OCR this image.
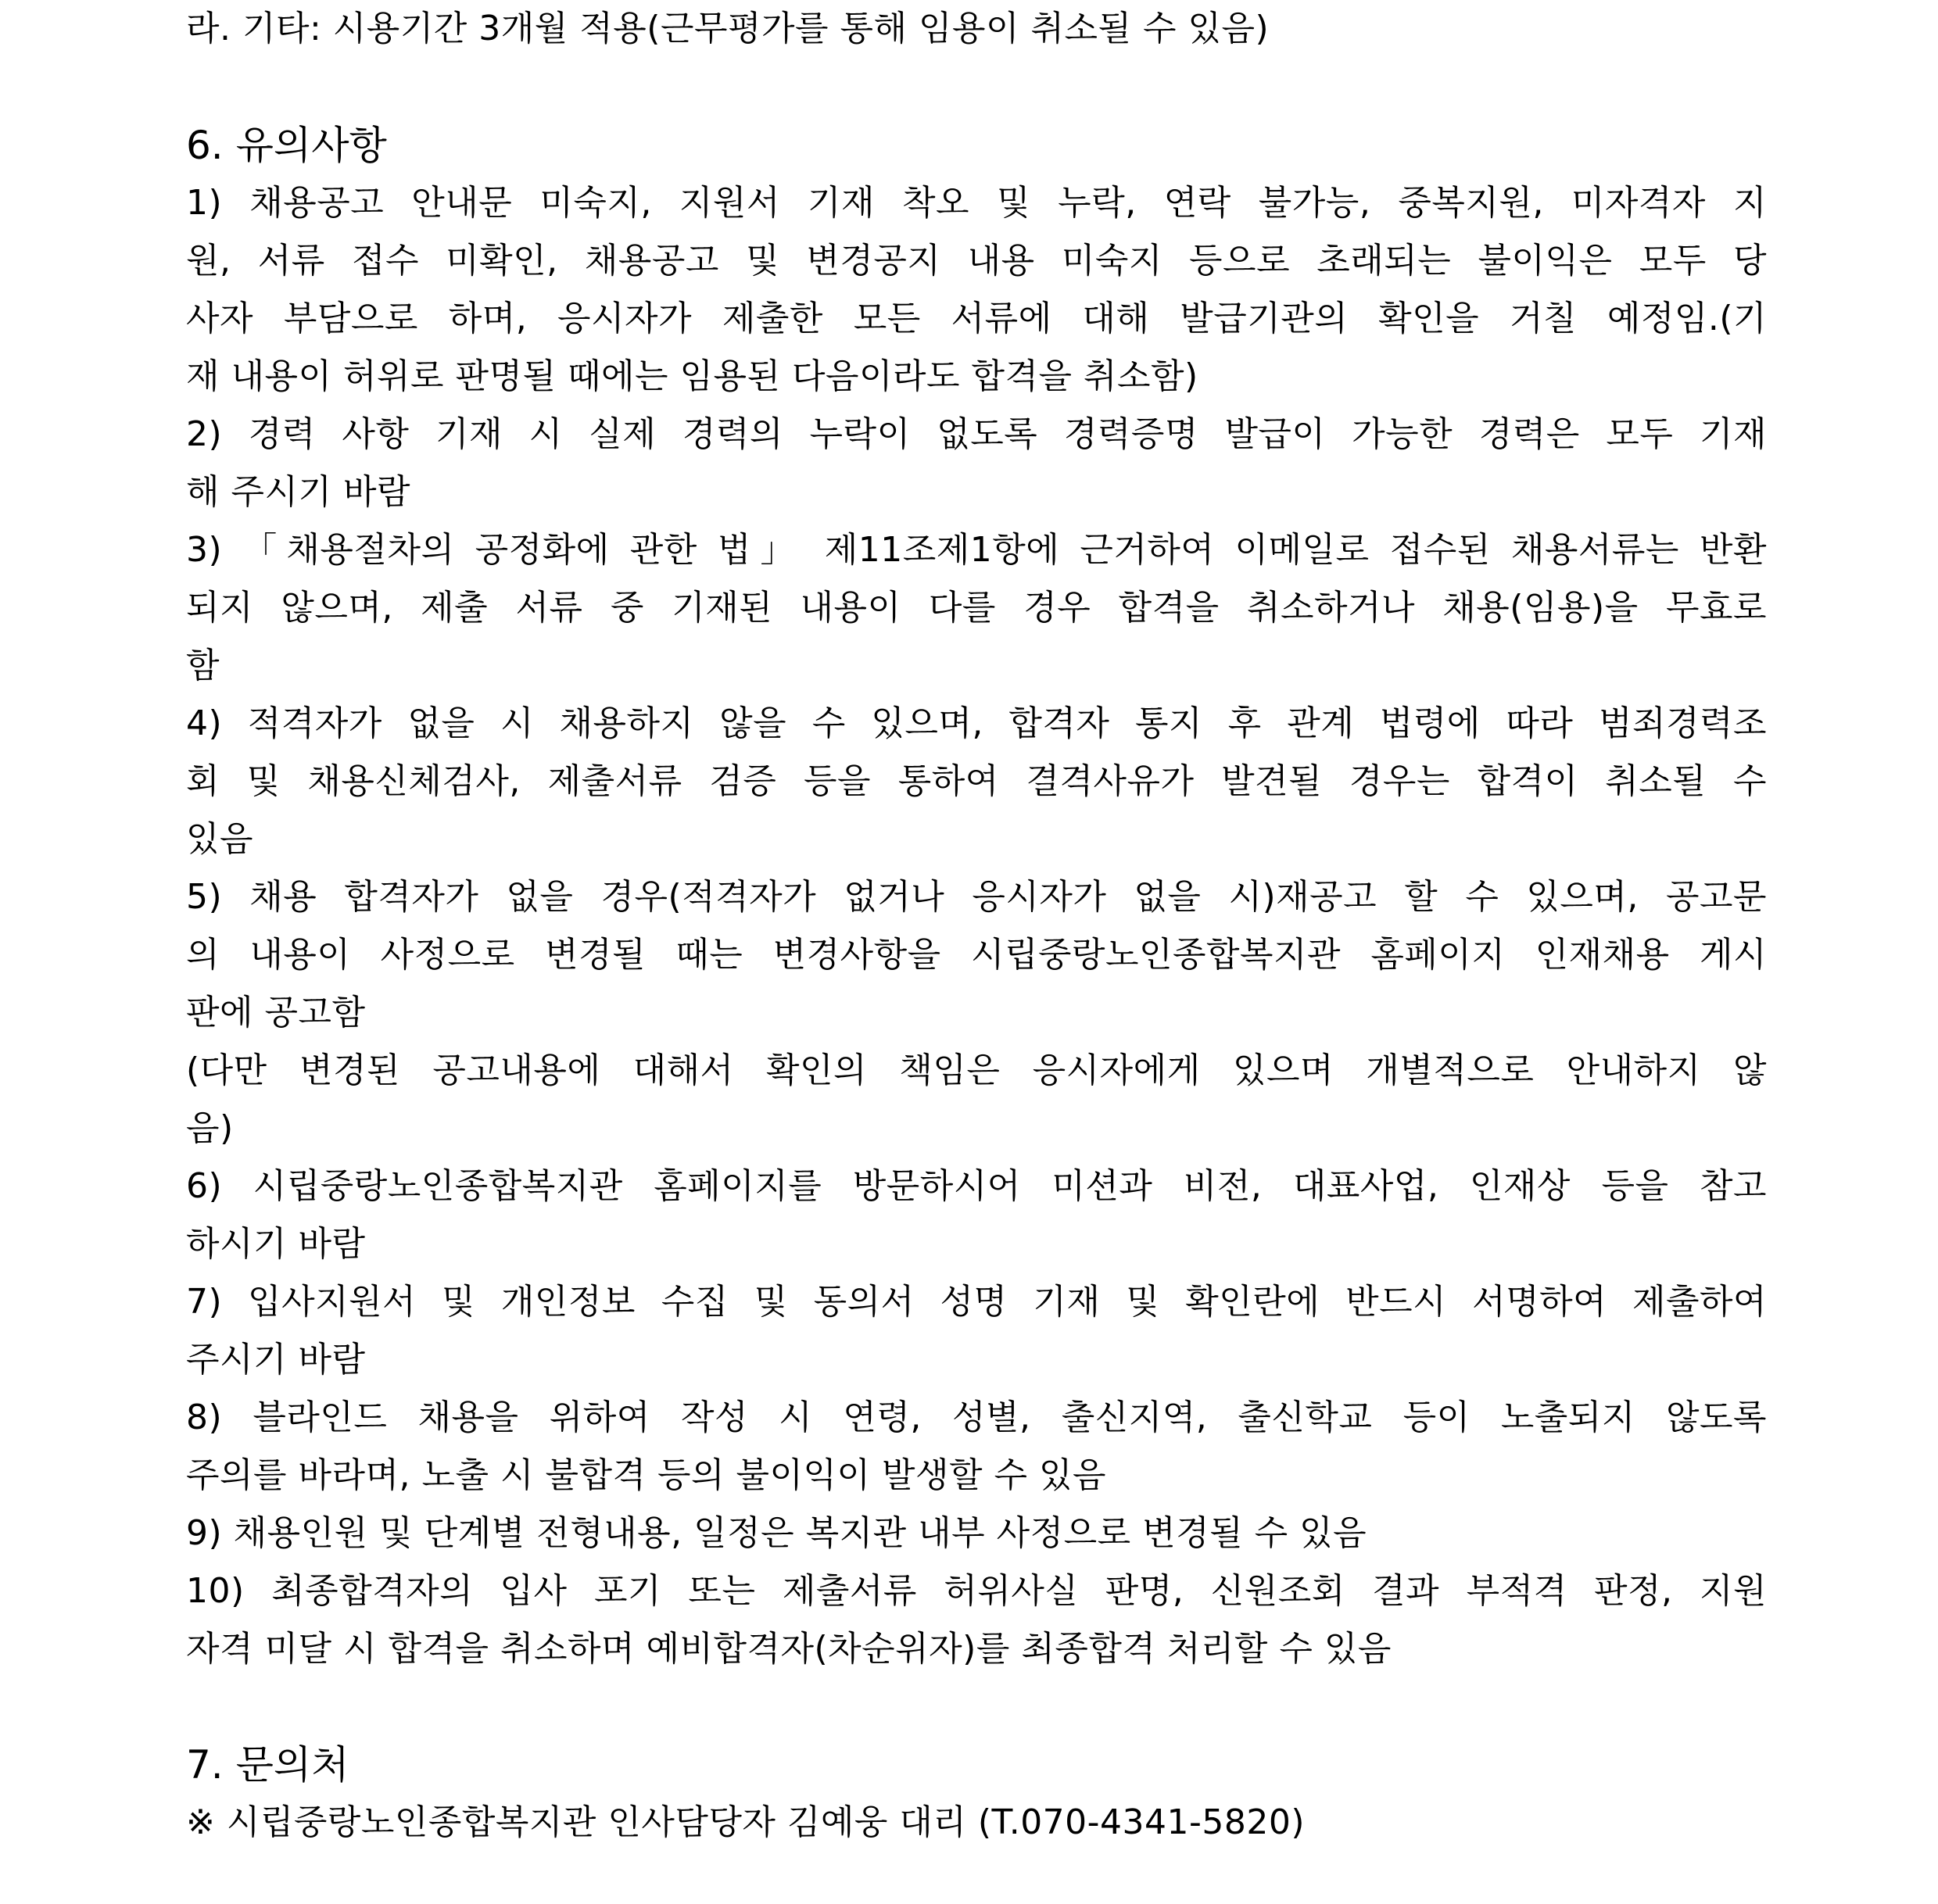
라. 기타: 시용기간 3개월 적용(근무평가를 통해 임용이 취소될 수 있음)
6. 유의사항
1) 채용공고 안내문 미숙지, 지원서 기재 착오 및 누락, 연락 불가능, 중복지원, 미자격자 지
원, 서류 접수 미확인, 채용공고 및 변경공지 내용 미숙지 등으로 초래되는 불이익은 모두 당
사자 부담으로 하며, 응시자가 제출한 모든 서류에 대해 발급기관의 확인을 거칠 예정임.(기
재 내용이 허위로 판명될 때에는 임용된 다음이라도 합격을 취소함)
2) 경력 사항 기재 시 실제 경력의 누락이 없도록 경력증명 발급이 가능한 경력은 모두 기재
해 주시기 바람
3) 「채용절차의 공정화에 관한 법」 제11조제1항에 근거하여 이메일로 접수된 채용서류는 반환
되지 않으며, 제출 서류 중 기재된 내용이 다를 경우 합격을 취소하거나 채용(임용)을 무효로
함
4) 적격자가 없을 시 채용하지 않을 수 있으며, 합격자 통지 후 관계 법령에 따라 범죄경력조
회 및 채용신체검사, 제출서류 검증 등을 통하여 결격사유가 발견될 경우는 합격이 취소될 수
있음
5) 채용 합격자가 없을 경우(적격자가 없거나 응시자가 없을 시)재공고 할 수 있으며, 공고문
의 내용이 사정으로 변경될 때는 변경사항을 시립중랑노인종합복지관 홈페이지 인재채용 게시
판에 공고함
(다만 변경된 공고내용에 대해서 확인의 책임은 응시자에게 있으며 개별적으로 안내하지 않
음)
6) 시립중랑노인종합복지관 홈페이지를 방문하시어 미션과 비전, 대표사업, 인재상 등을 참고
하시기 바람
7) 입사지원서 및 개인정보 수집 및 동의서 성명 기재 및 확인란에 반드시 서명하여 제출하여
주시기 바람
8) 블라인드 채용을 위하여 작성 시 연령, 성별, 출신지역, 출신학교 등이 노출되지 않도록
주의를 바라며, 노출 시 불합격 등의 불이익이 발생할 수 있음
9) 채용인원 및 단계별 전형내용, 일정은 복지관 내부 사정으로 변경될 수 있음
10) 최종합격자의 입사 포기 또는 제출서류 허위사실 판명, 신원조회 결과 부적격 판정, 지원
자격 미달 시 합격을 취소하며 예비합격자(차순위자)를 최종합격 처리할 수 있음
7. 문의처
※ 시립중랑노인종합복지관 인사담당자 김예웅 대리 (T.070-4341-5820)
